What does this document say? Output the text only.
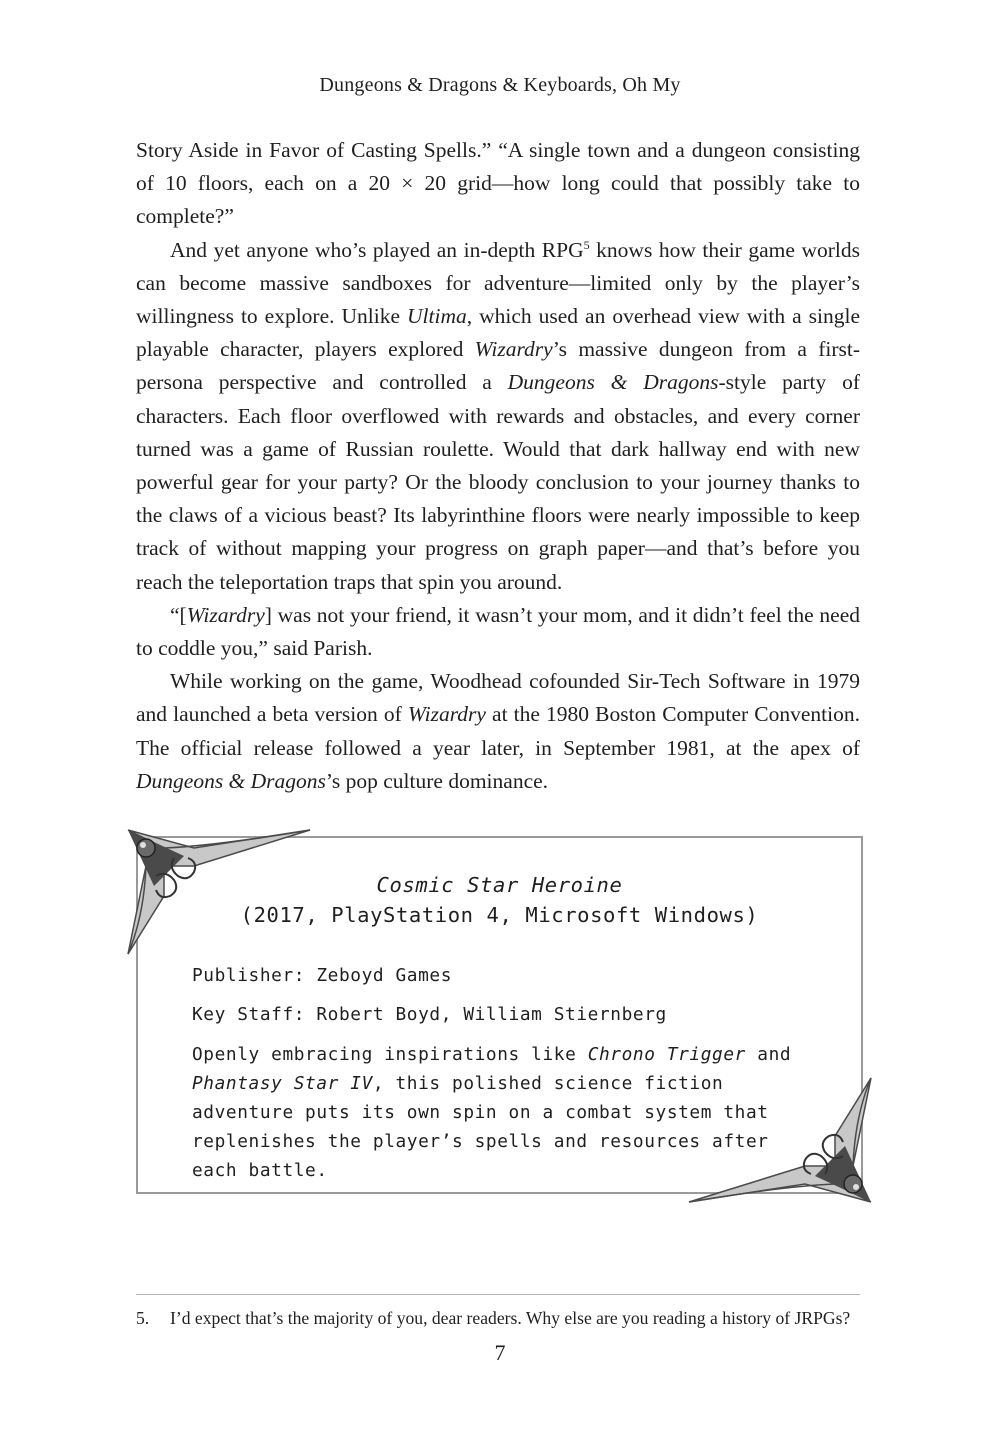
Dungeons & Dragons & Keyboards, Oh My

Story Aside in Favor of Casting Spells.” “A single town and a dungeon consisting of 10 floors, each on a 20 × 20 grid—how long could that possibly take to complete?”

And yet anyone who’s played an in-depth RPG$^5$ knows how their game worlds can become massive sandboxes for adventure—limited only by the player’s willingness to explore. Unlike Ultima, which used an overhead view with a single playable character, players explored Wizardry’s massive dungeon from a first-persona perspective and controlled a Dungeons & Dragons-style party of characters. Each floor overflowed with rewards and obstacles, and every corner turned was a game of Russian roulette. Would that dark hallway end with new powerful gear for your party? Or the bloody conclusion to your journey thanks to the claws of a vicious beast? Its labyrinthine floors were nearly impossible to keep track of without mapping your progress on graph paper—and that’s before you reach the teleportation traps that spin you around.

“[Wizardry] was not your friend, it wasn’t your mom, and it didn’t feel the need to coddle you,” said Parish.

While working on the game, Woodhead cofounded Sir-Tech Software in 1979 and launched a beta version of Wizardry at the 1980 Boston Computer Convention. The official release followed a year later, in September 1981, at the apex of Dungeons & Dragons’s pop culture dominance.

Cosmic Star Heroine
(2017, PlayStation 4, Microsoft Windows)
Publisher: Zeboyd Games
Key Staff: Robert Boyd, William Stiernberg
Openly embracing inspirations like Chrono Trigger and Phantasy Star IV, this polished science fiction adventure puts its own spin on a combat system that replenishes the player’s spells and resources after each battle.
5. I’d expect that’s the majority of you, dear readers. Why else are you reading a history of JRPGs?
7
